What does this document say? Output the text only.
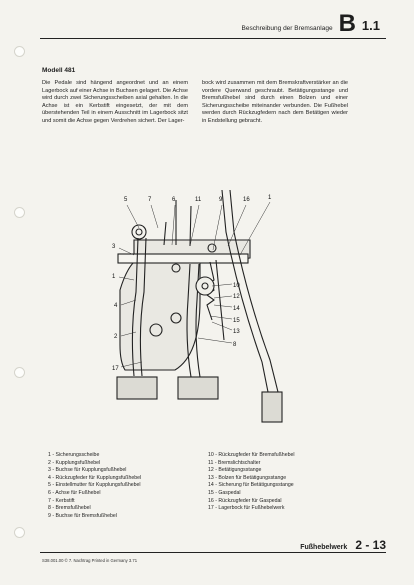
Beschreibung der Bremsanlage B 1.1
Modell 481
Die Pedale sind hängend angeordnet und an einem Lagerbock auf einer Achse in Buchsen gelagert. Die Achse wird durch zwei Sicherungsscheiben axial gehalten. In die Achse ist ein Kerbstift eingesetzt, der mit dem überstehenden Teil in einem Ausschnitt im Lagerbock sitzt und somit die Achse gegen Verdrehen sichert. Der Lager-
bock wird zusammen mit dem Bremskraftverstärker an die vordere Querwand geschraubt. Betätigungsstange und Bremsfußhebel sind durch einen Bolzen und einer Sicherungsscheibe miteinander verbunden. Die Fußhebel werden durch Rückzugfedern nach dem Betätigen wieder in Endstellung gebracht.
5	7	6	11	9	16	1
3
1
4
2
17
10
12
14
15
13
8
1 - Sicherungsscheibe
2 - Kupplungsfußhebel
3 - Buchse für Kupplungsfußhebel
4 - Rückzugfeder für Kupplungsfußhebel
5 - Einstellmutter für Kupplungsfußhebel
6 - Achse für Fußhebel
7 - Kerbstift
8 - Bremsfußhebel
9 - Buchse für Bremsfußhebel
10 - Rückzugfeder für Bremsfußhebel
11 - Bremslichtschalter
12 - Betätigungsstange
13 - Bolzen für Betätigungsstange
14 - Sicherung für Betätigungsstange
15 - Gaspedal
16 - Rückzugfeder für Gaspedal
17 - Lagerbock für Fußhebelwerk
Fußhebelwerk 2 - 13
S38.001.00 © 7. Nachtrag Printed in Germany 3.71
